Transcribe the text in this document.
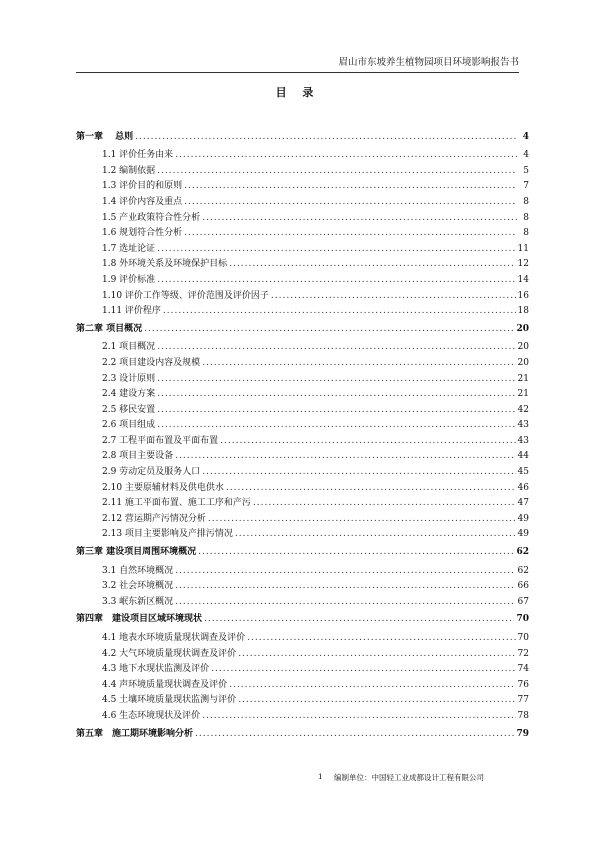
眉山市东坡养生植物园项目环境影响报告书
目 录
第一章　 总则 .....	4
1.1 评价任务由来 .....	4
1.2 编制依据 .....	5
1.3 评价目的和原则 .....	7
1.4 评价内容及重点 .....	8
1.5 产业政策符合性分析 .....	8
1.6 规划符合性分析 .....	8
1.7 选址论证 .....	11
1.8 外环境关系及环境保护目标 .....	12
1.9 评价标准 .....	14
1.10 评价工作等级、评价范围及评价因子 .....	16
1.11 评价程序 .....	18
第二章 项目概况 .....	20
2.1 项目概况 .....	20
2.2 项目建设内容及规模 .....	20
2.3 设计原则 .....	21
2.4 建设方案 .....	21
2.5 移民安置 .....	42
2.6 项目组成 .....	43
2.7 工程平面布置及平面布置 .....	43
2.8 项目主要设备 .....	44
2.9 劳动定员及服务人口 .....	45
2.10 主要原辅材料及供电供水 .....	46
2.11 施工平面布置、施工工序和产污 .....	47
2.12 营运期产污情况分析 .....	49
2.13 项目主要影响及产排污情况 .....	49
第三章 建设项目周围环境概况 .....	62
3.1 自然环境概况 .....	62
3.2 社会环境概况 .....	66
3.3 岷东新区概况 .....	67
第四章　建设项目区域环境现状 .....	70
4.1 地表水环境质量现状调查及评价 .....	70
4.2 大气环境质量现状调查及评价 .....	72
4.3 地下水现状监测及评价 .....	74
4.4 声环境质量现状调查及评价 .....	76
4.5 土壤环境质量现状监测与评价 .....	77
4.6 生态环境现状及评价 .....	78
第五章　施工期环境影响分析 .....	79
1 编制单位：中国轻工业成都设计工程有限公司
